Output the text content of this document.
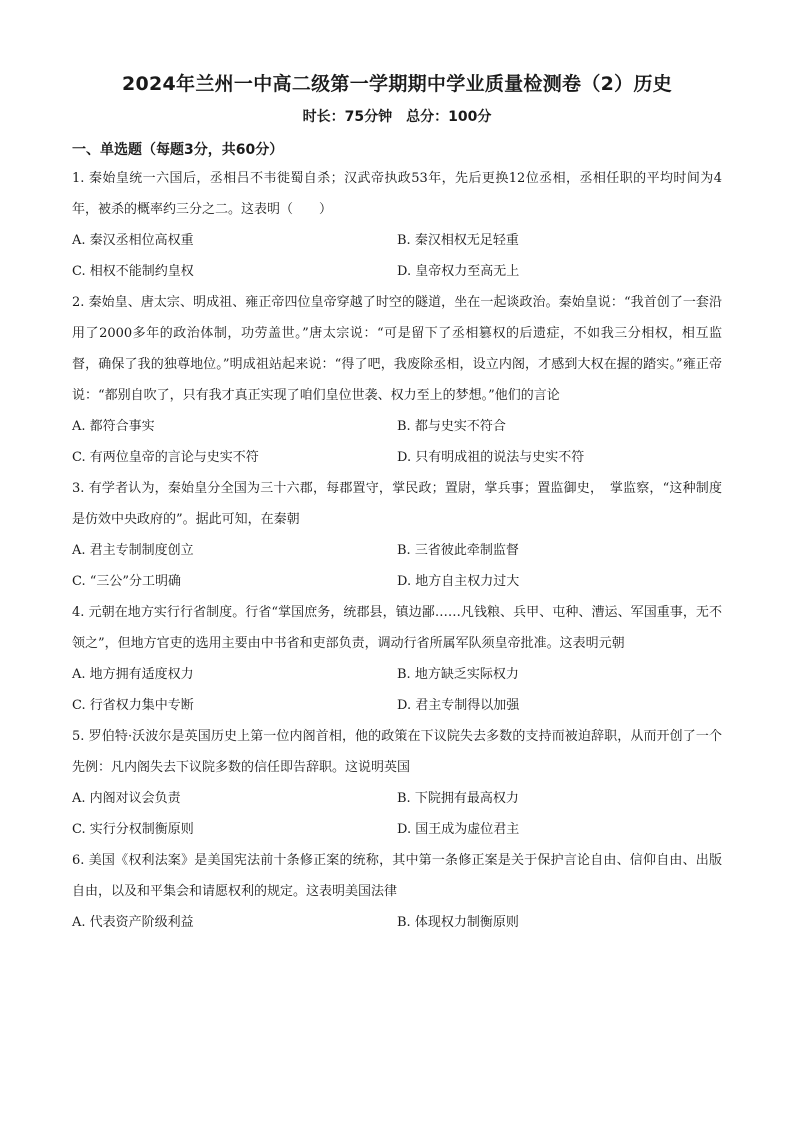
2024年兰州一中高二级第一学期期中学业质量检测卷（2）历史
时长：75分钟　总分：100分
一、单选题（每题3分，共60分）

1. 秦始皇统一六国后，丞相吕不韦徙蜀自杀；汉武帝执政53年，先后更换12位丞相，丞相任职的平均时间为4年，被杀的概率约三分之二。这表明（　　）

A. 秦汉丞相位高权重	B. 秦汉相权无足轻重
C. 相权不能制约皇权	D. 皇帝权力至高无上

2. 秦始皇、唐太宗、明成祖、雍正帝四位皇帝穿越了时空的隧道，坐在一起谈政治。秦始皇说：“我首创了一套沿用了2000多年的政治体制，功劳盖世。”唐太宗说：“可是留下了丞相篡权的后遗症，不如我三分相权，相互监督，确保了我的独尊地位。”明成祖站起来说：“得了吧，我废除丞相，设立内阁，才感到大权在握的踏实。”雍正帝说：“都别自吹了，只有我才真正实现了咱们皇位世袭、权力至上的梦想。”他们的言论

A. 都符合事实	B. 都与史实不符合
C. 有两位皇帝的言论与史实不符	D. 只有明成祖的说法与史实不符

3. 有学者认为，秦始皇分全国为三十六郡，每郡置守，掌民政；置尉，掌兵事；置监御史，　掌监察，“这种制度是仿效中央政府的”。据此可知，在秦朝

A. 君主专制制度创立	B. 三省彼此牵制监督
C. “三公”分工明确	D. 地方自主权力过大

4. 元朝在地方实行行省制度。行省“掌国庶务，统郡县，镇边鄙……凡钱粮、兵甲、屯种、漕运、军国重事，无不领之”，但地方官吏的选用主要由中书省和吏部负责，调动行省所属军队须皇帝批准。这表明元朝

A. 地方拥有适度权力	B. 地方缺乏实际权力
C. 行省权力集中专断	D. 君主专制得以加强

5. 罗伯特·沃波尔是英国历史上第一位内阁首相，他的政策在下议院失去多数的支持而被迫辞职，从而开创了一个先例：凡内阁失去下议院多数的信任即告辞职。这说明英国

A. 内阁对议会负责	B. 下院拥有最高权力
C. 实行分权制衡原则	D. 国王成为虚位君主

6. 美国《权利法案》是美国宪法前十条修正案的统称，其中第一条修正案是关于保护言论自由、信仰自由、出版自由，以及和平集会和请愿权利的规定。这表明美国法律

A. 代表资产阶级利益	B. 体现权力制衡原则
